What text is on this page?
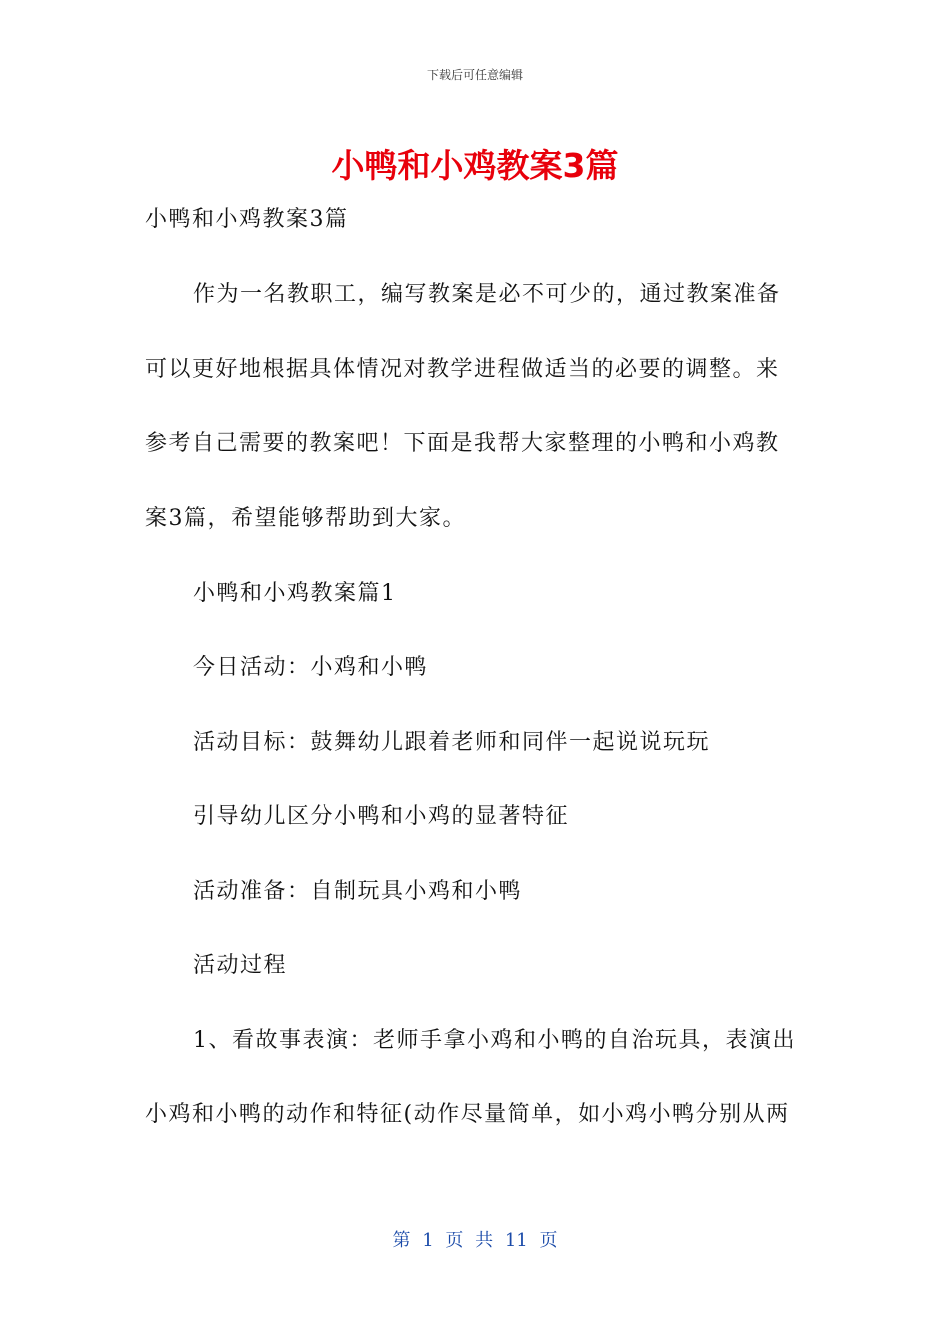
下载后可任意编辑
小鸭和小鸡教案3篇
小鸭和小鸡教案3篇
作为一名教职工，编写教案是必不可少的，通过教案准备
可以更好地根据具体情况对教学进程做适当的必要的调整。来
参考自己需要的教案吧！下面是我帮大家整理的小鸭和小鸡教
案3篇，希望能够帮助到大家。
小鸭和小鸡教案篇1
今日活动：小鸡和小鸭
活动目标：鼓舞幼儿跟着老师和同伴一起说说玩玩
引导幼儿区分小鸭和小鸡的显著特征
活动准备：自制玩具小鸡和小鸭
活动过程
1、看故事表演：老师手拿小鸡和小鸭的自治玩具，表演出
小鸡和小鸭的动作和特征(动作尽量简单，如小鸡小鸭分别从两
第 1 页 共 11 页
